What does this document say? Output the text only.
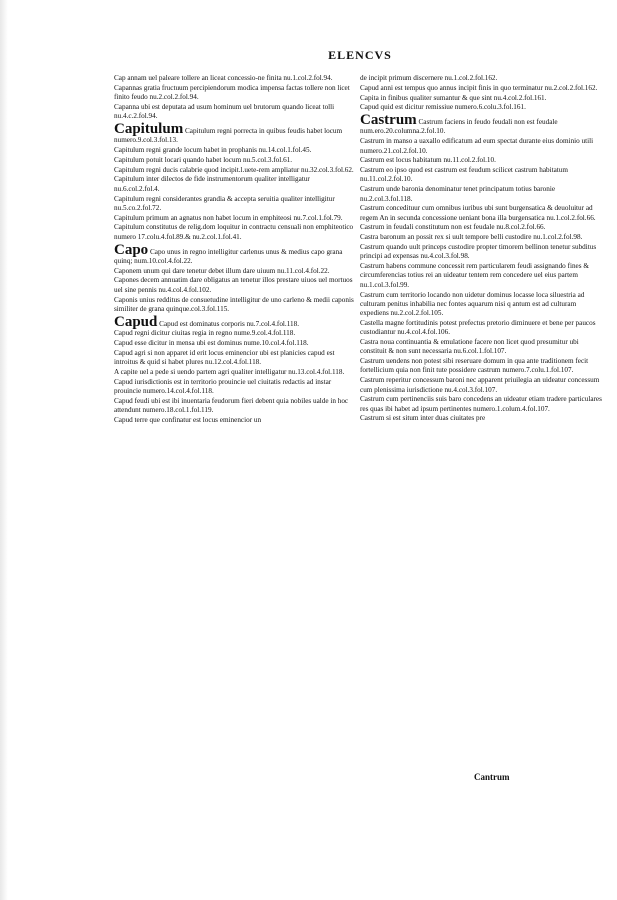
ELENCVS

Cap annam uel paleare tollere an liceat concessio-ne finita nu.1.col.2.fol.94.

Capannas gratia fructuum percipiendorum modica impensa factas tollere non licet finito feudo nu.2.col.2.fol.94.

Capanna ubi est deputata ad usum hominum uel brutorum quando liceat tolli nu.4.c.2.fol.94.

Capitulum Capitulum regni porrecta in quibus feudis habet locum numero.9.col.3.fol.13.

Capitulum regni grande locum habet in prophanis nu.14.col.1.fol.45.

Capitulum potuit locari quando habet locum nu.5.col.3.fol.61.

Capitulum regni ducis calabrie quod incipit.l.uete-rem ampliatur nu.32.col.3.fol.62.

Capitulum inter dilectos de fide instrumentorum qualiter intelligatur nu.6.col.2.fol.4.

Capitulum regni considerantes grandia & accepta seruitia qualiter intelligitur nu.5.co.2.fol.72.

Capitulum primum an agnatus non habet locum in emphiteosi nu.7.col.1.fol.79.

Capitulum constitutus de relig.dom loquitur in contractu censuali non emphiteotico numero 17.colu.4.fol.89.& nu.2.col.1.fol.41.

Capo Capo unus in regno intelligitur carlenus unus & medius capo grana quinq; num.10.col.4.fol.22.

Caponem unum qui dare tenetur debet illum dare uiuum nu.11.col.4.fol.22.

Capones decem annuatim dare obligatus an tenetur illos prestare uiuos uel mortuos uel sine pennis nu.4.col.4.fol.102.

Caponis unius redditus de consuetudine intelligitur de uno carleno & medii caponis similiter de grana quinque.col.3.fol.115.

Capud Capud est dominatus corporis nu.7.col.4.fol.118.

Capud regni dicitur ciuitas regia in regno nume.9.col.4.fol.118.

Capud esse dicitur in mensa ubi est dominus nume.10.col.4.fol.118.

Capud agri si non apparet id erit locus eminencior ubi est planicies capud est introitus & quid si habet plures nu.12.col.4.fol.118.

A capite uel a pede si uendo partem agri qualiter intelligatur nu.13.col.4.fol.118.

Capud iurisdictionis est in territorio prouincie uel ciuitatis redactis ad instar prouincie numero.14.col.4.fol.118.

Capud feudi ubi est ibi inuentaria feudorum fieri debent quia nobiles ualde in hoc attendunt numero.18.col.1.fol.119.

Capud terre que confinatur est locus eminencior un

de incipit primum discernere nu.1.col.2.fol.162.

Capud anni est tempus quo annus incipit finis in quo terminatur nu.2.col.2.fol.162.

Capita in finibus qualiter sumantur & que sint nu.4.col.2.fol.161.

Capud quid est dicitur remissiue numero.6.colu.3.fol.161.

Castrum Castrum faciens in feudo feudali non est feudale num.ero.20.columna.2.fol.10.

Castrum in manso a uaxallo edificatum ad eum spectat durante eius dominio utili numero.21.col.2.fol.10.

Castrum est locus habitatum nu.11.col.2.fol.10.

Castrum eo ipso quod est castrum est feudum scilicet castrum habitatum nu.11.col.2.fol.10.

Castrum unde baronia denominatur tenet principatum totius baronie nu.2.col.3.fol.118.

Castrum concedituur cum omnibus iuribus ubi sunt burgensatica & deuoluitur ad regem An in secunda concessione ueniant bona illa burgensatica nu.1.col.2.fol.66.

Castrum in feudali constitutum non est feudale nu.8.col.2.fol.66.

Castra baronum an possit rex si uult tempore belli custodire nu.1.col.2.fol.98.

Castrum quando uult princeps custodire propter timorem bellinon tenetur subditus principi ad expensas nu.4.col.3.fol.98.

Castrum habens commune concessit rem particularem feudi assignando fines & circumferencias totius rei an uideatur tentem rem concedere uel eius partem nu.1.col.3.fol.99.

Castrum cum territorio locando non uidetur dominus locasse loca siluestria ad culturam penitus inhabilia nec fontes aquarum nisi q antum est ad culturam expediens nu.2.col.2.fol.105.

Castella magne fortitudinis potest prefectus pretorio diminuere et bene per paucos custodiantur nu.4.col.4.fol.106.

Castra noua continuantia & emulatione facere non licet quod presumitur ubi constituit & non sunt necessaria nu.6.col.1.fol.107.

Castrum uendens non potest sibi reseruare domum in qua ante traditionem fecit fortellicium quia non finit tute possidere castrum numero.7.colu.1.fol.107.

Castrum reperitur concessum baroni nec apparent priuilegia an uideatur concessum cum plenissima iurisdictione nu.4.col.3.fol.107.

Castrum cum pertinenciis suis baro concedens an uideatur etiam tradere particulares res quas ibi habet ad ipsum pertinentes numero.1.colum.4.fol.107.

Castrum si est situm inter duas ciuitates pre

Cantrum
